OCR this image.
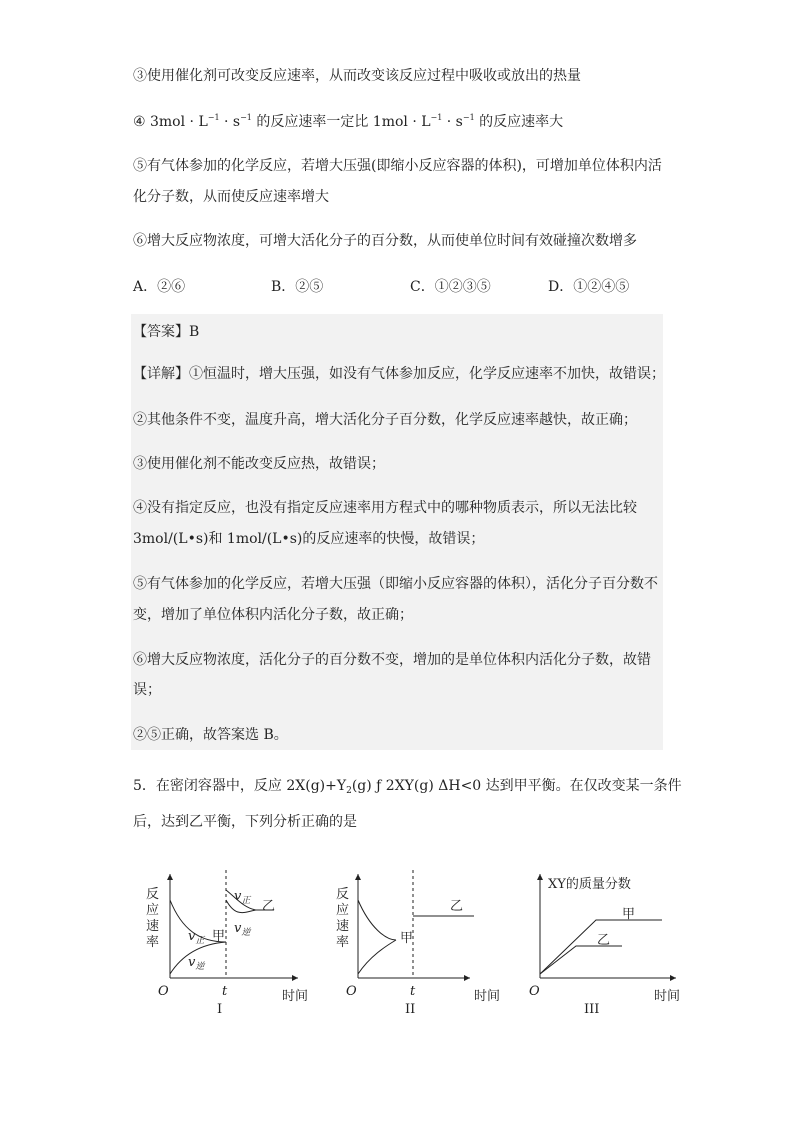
③使用催化剂可改变反应速率，从而改变该反应过程中吸收或放出的热量
④ $3mol \cdot L^{-1} \cdot s^{-1}$ 的反应速率一定比 $1mol \cdot L^{-1} \cdot s^{-1}$ 的反应速率大
⑤有气体参加的化学反应，若增大压强(即缩小反应容器的体积)，可增加单位体积内活
化分子数，从而使反应速率增大
⑥增大反应物浓度，可增大活化分子的百分数，从而使单位时间有效碰撞次数增多
A．②⑥	B．②⑤	C．①②③⑤	D．①②④⑤
【答案】B
【详解】①恒温时，增大压强，如没有气体参加反应，化学反应速率不加快，故错误；
②其他条件不变，温度升高，增大活化分子百分数，化学反应速率越快，故正确；
③使用催化剂不能改变反应热，故错误；
④没有指定反应，也没有指定反应速率用方程式中的哪种物质表示，所以无法比较
3mol/(L•s)和 1mol/(L•s)的反应速率的快慢，故错误；
⑤有气体参加的化学反应，若增大压强（即缩小反应容器的体积），活化分子百分数不
变，增加了单位体积内活化分子数，故正确；
⑥增大反应物浓度，活化分子的百分数不变，增加的是单位体积内活化分子数，故错
误；
②⑤正确，故答案选 B。
5．在密闭容器中，反应 $2X(g)+Y_2(g)$ ƒ 2XY(g) ΔH<0 达到甲平衡。在仅改变某一条件
后，达到乙平衡，下列分析正确的是
反
应
速
率
O	t	时间
$v_正$
$v_逆$
甲
$v_正$
$v_逆$
乙
I
反
应
速
率
O	t	时间
甲
乙
II
XY的质量分数
O	时间
甲
乙
III
